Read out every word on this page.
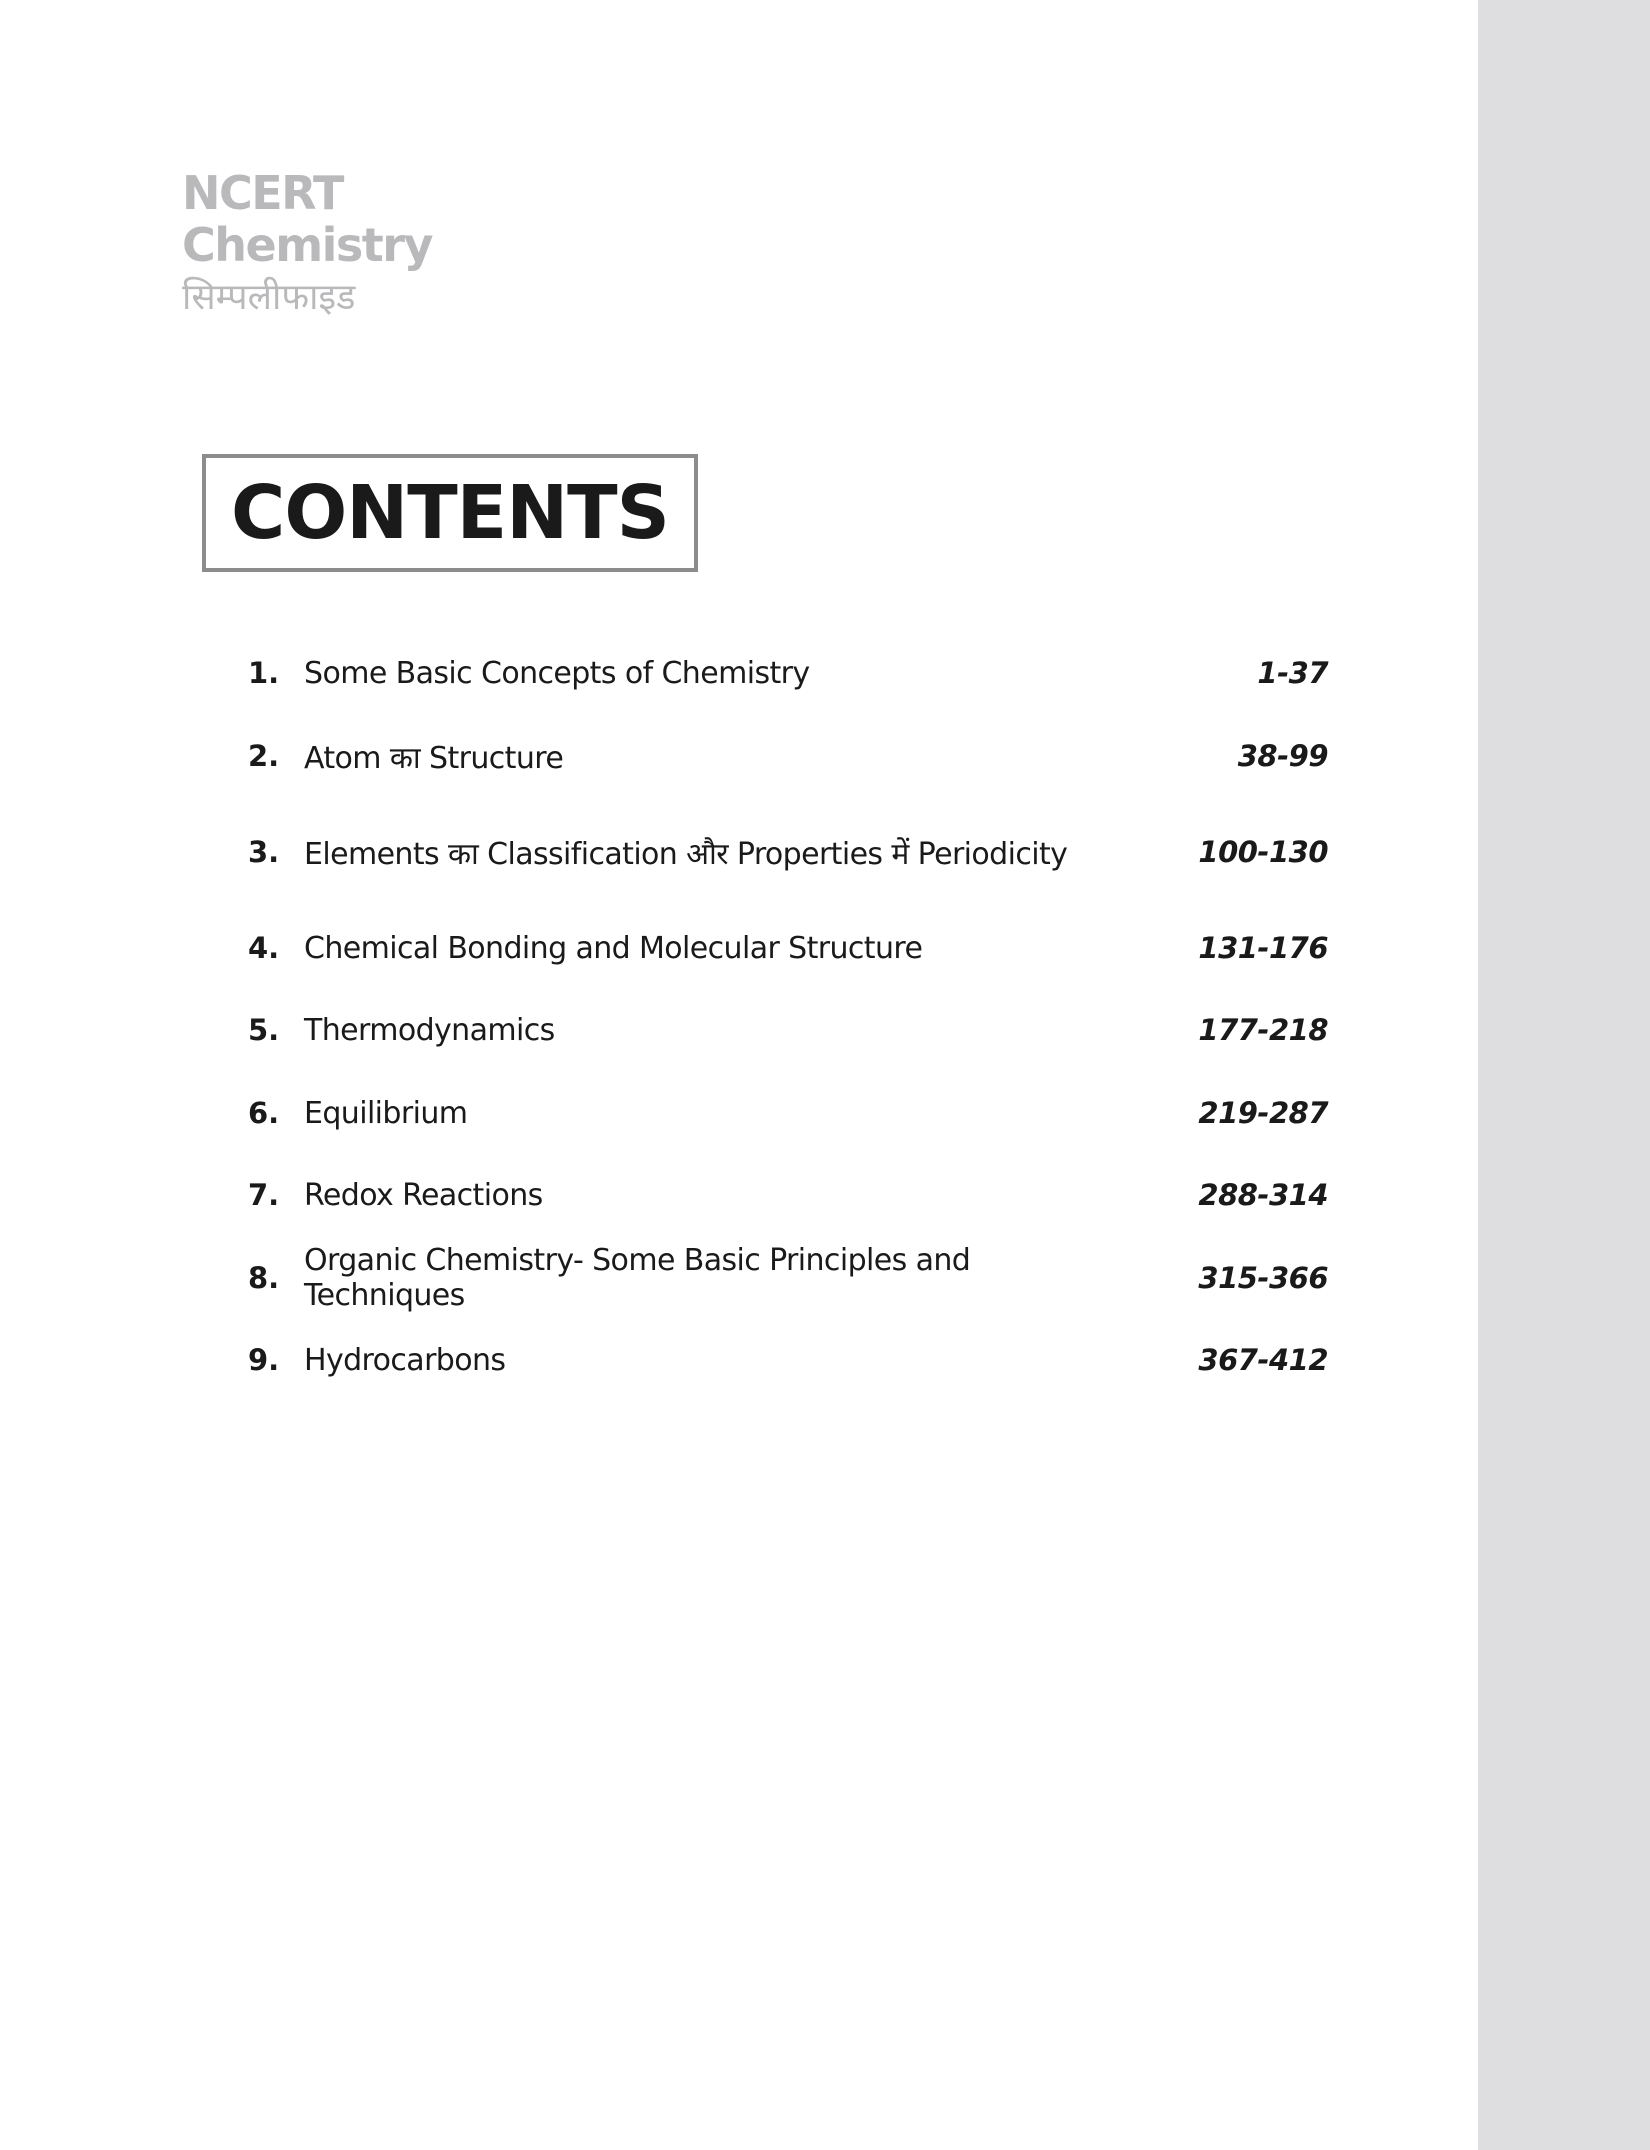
NCERT
Chemistry
सिम्पलीफाइड
CONTENTS
1. Some Basic Concepts of Chemistry	1-37
2. Atom का Structure	38-99
3. Elements का Classification और Properties में Periodicity	100-130
4. Chemical Bonding and Molecular Structure	131-176
5. Thermodynamics	177-218
6. Equilibrium	219-287
7. Redox Reactions	288-314
8. Organic Chemistry- Some Basic Principles and Techniques	315-366
9. Hydrocarbons	367-412
